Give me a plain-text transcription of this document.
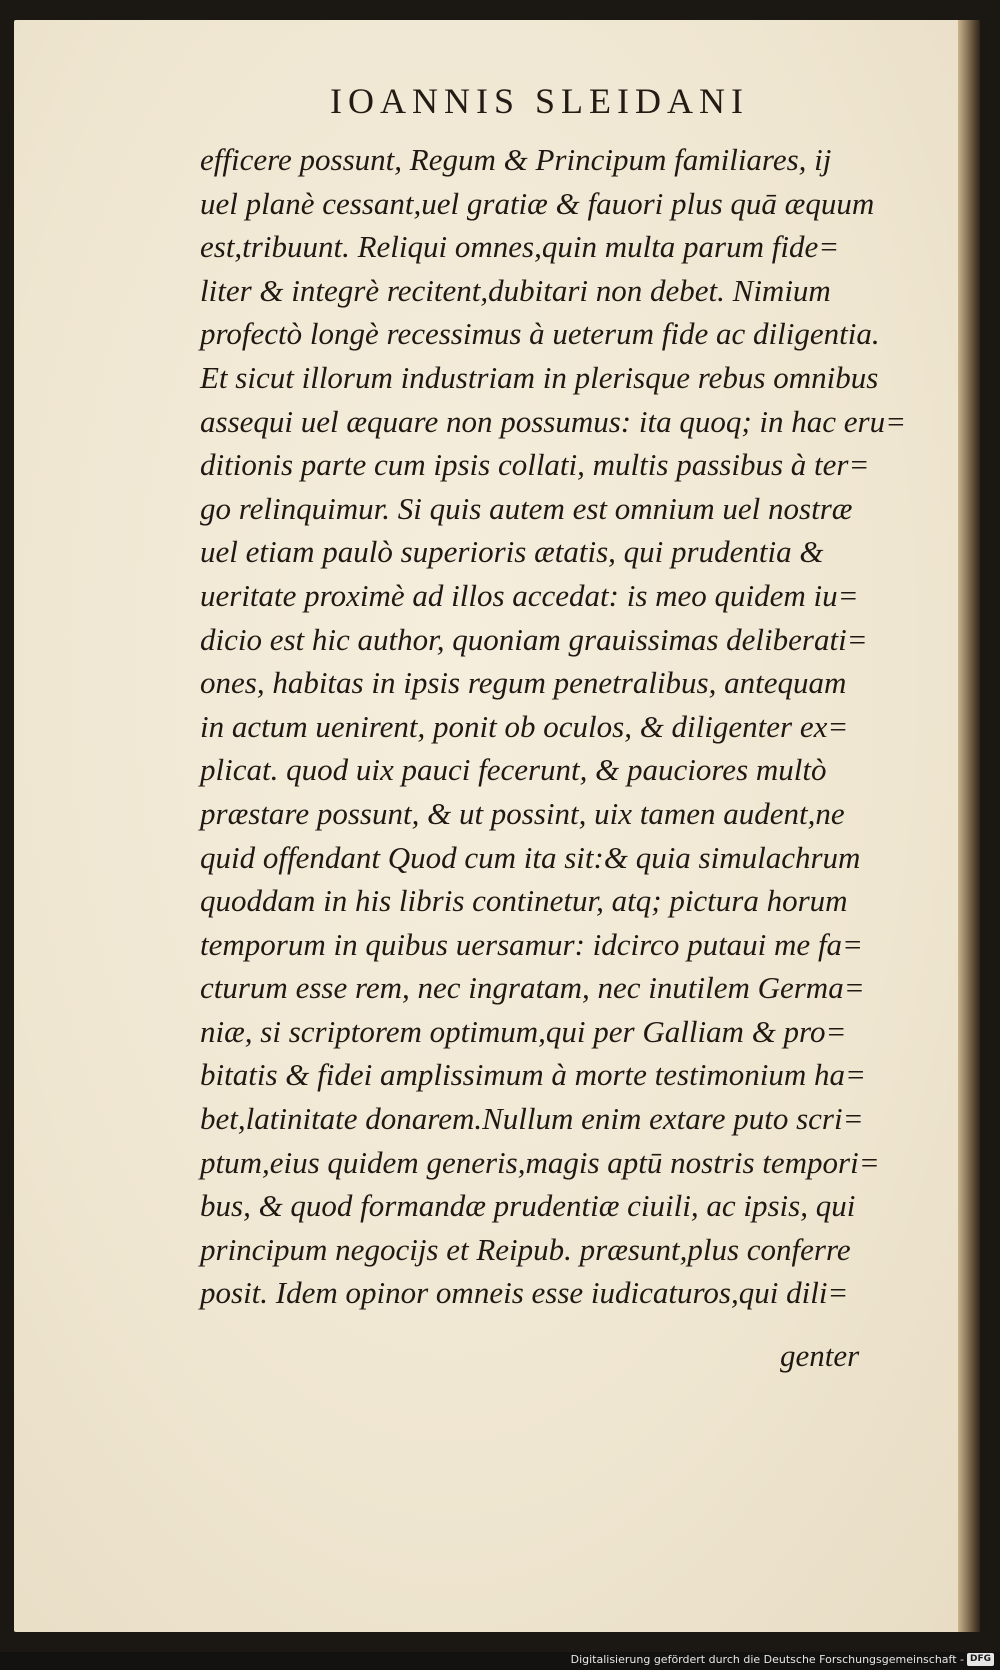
IOANNIS SLEIDANI
efficere possunt, Regum & Principum familiares, ij
uel planè cessant,uel gratiæ & fauori plus quā æquum
est,tribuunt. Reliqui omnes,quin multa parum fide=
liter & integrè recitent,dubitari non debet. Nimium
profectò longè recessimus à ueterum fide ac diligentia.
Et sicut illorum industriam in plerisque rebus omnibus
assequi uel æquare non possumus: ita quoq; in hac eru=
ditionis parte cum ipsis collati, multis passibus à ter=
go relinquimur. Si quis autem est omnium uel nostræ
uel etiam paulò superioris ætatis, qui prudentia &
ueritate proximè ad illos accedat: is meo quidem iu=
dicio est hic author, quoniam grauissimas deliberati=
ones, habitas in ipsis regum penetralibus, antequam
in actum uenirent, ponit ob oculos, & diligenter ex=
plicat. quod uix pauci fecerunt, & pauciores multò
præstare possunt, & ut possint, uix tamen audent,ne
quid offendant Quod cum ita sit:& quia simulachrum
quoddam in his libris continetur, atq; pictura horum
temporum in quibus uersamur: idcirco putaui me fa=
cturum esse rem, nec ingratam, nec inutilem Germa=
niæ, si scriptorem optimum,qui per Galliam & pro=
bitatis & fidei amplissimum à morte testimonium ha=
bet,latinitate donarem.Nullum enim extare puto scri=
ptum,eius quidem generis,magis aptū nostris tempori=
bus, & quod formandæ prudentiæ ciuili, ac ipsis, qui
principum negocijs et Reipub. præsunt,plus conferre
posit. Idem opinor omneis esse iudicaturos,qui dili=
genter
Digitalisierung gefördert durch die Deutsche Forschungsgemeinschaft - DFG
